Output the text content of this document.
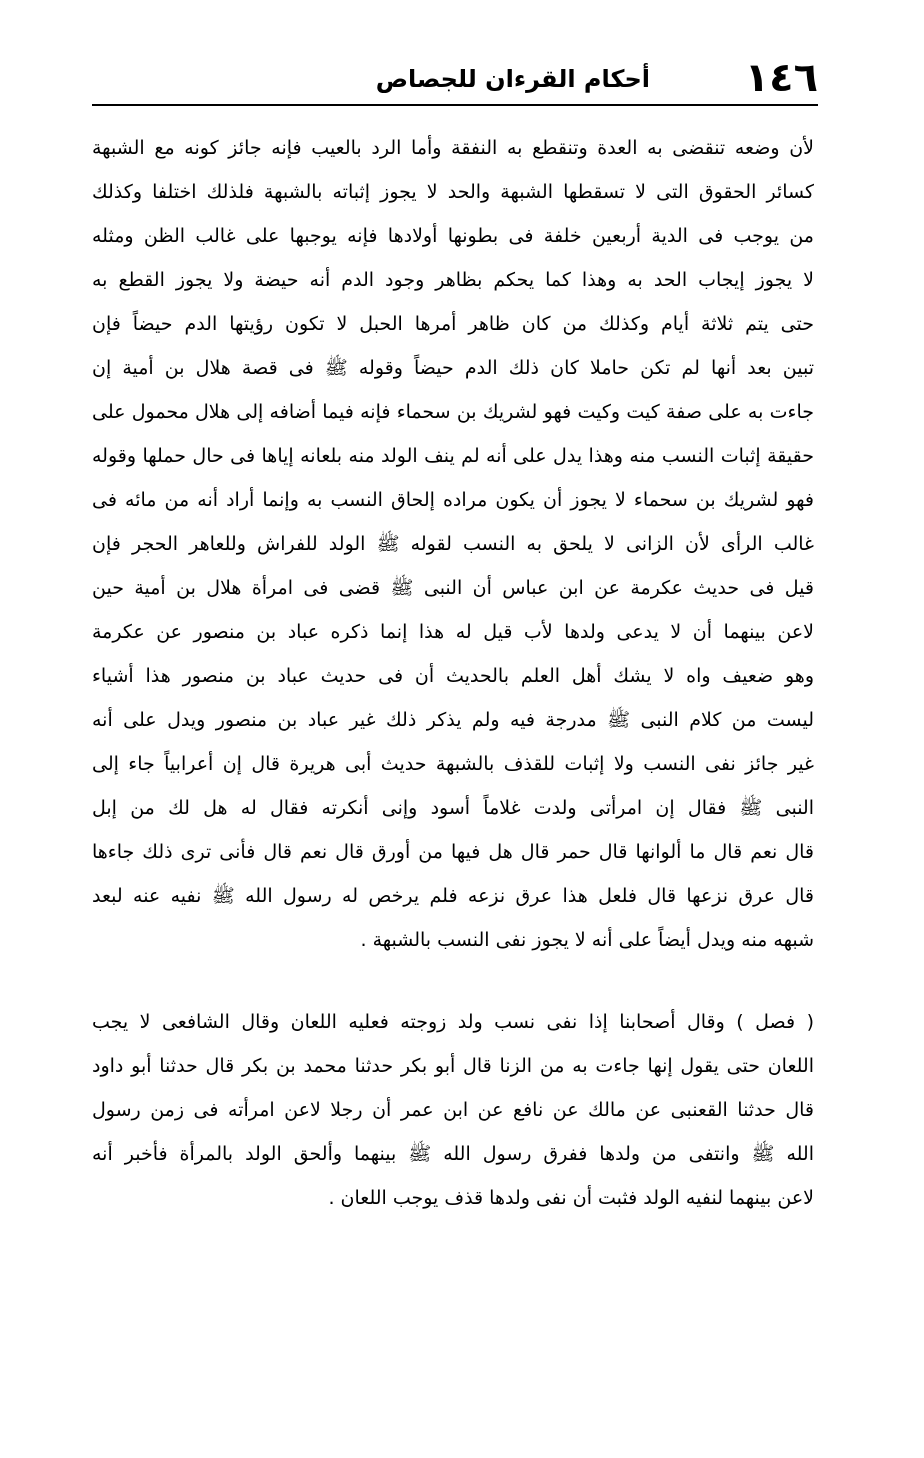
١٤٦
أحكام القرءان للجصاص
لأن وضعه تنقضى به العدة وتنقطع به النفقة وأما الرد بالعيب فإنه جائز كونه مع الشبهة
كسائر الحقوق التى لا تسقطها الشبهة والحد لا يجوز إثباته بالشبهة فلذلك اختلفا وكذلك
من يوجب فى الدية أربعين خلفة فى بطونها أولادها فإنه يوجبها على غالب الظن ومثله
لا يجوز إيجاب الحد به وهذا كما يحكم بظاهر وجود الدم أنه حيضة ولا يجوز القطع به
حتى يتم ثلاثة أيام وكذلك من كان ظاهر أمرها الحبل لا تكون رؤيتها الدم حيضاً فإن
تبين بعد أنها لم تكن حاملا كان ذلك الدم حيضاً وقوله ﷺ فى قصة هلال بن أمية إن
جاءت به على صفة كيت وكيت فهو لشريك بن سحماء فإنه فيما أضافه إلى هلال محمول على
حقيقة إثبات النسب منه وهذا يدل على أنه لم ينف الولد منه بلعانه إياها فى حال حملها وقوله
فهو لشريك بن سحماء لا يجوز أن يكون مراده إلحاق النسب به وإنما أراد أنه من مائه فى
غالب الرأى لأن الزانى لا يلحق به النسب لقوله ﷺ الولد للفراش وللعاهر الحجر فإن
قيل فى حديث عكرمة عن ابن عباس أن النبى ﷺ قضى فى امرأة هلال بن أمية حين
لاعن بينهما أن لا يدعى ولدها لأب قيل له هذا إنما ذكره عباد بن منصور عن عكرمة
وهو ضعيف واه لا يشك أهل العلم بالحديث أن فى حديث عباد بن منصور هذا أشياء
ليست من كلام النبى ﷺ مدرجة فيه ولم يذكر ذلك غير عباد بن منصور ويدل على أنه
غير جائز نفى النسب ولا إثبات للقذف بالشبهة حديث أبى هريرة قال إن أعرابياً جاء إلى
النبى ﷺ فقال إن امرأتى ولدت غلاماً أسود وإنى أنكرته فقال له هل لك من إبل
قال نعم قال ما ألوانها قال حمر قال هل فيها من أورق قال نعم قال فأنى ترى ذلك جاءها
قال عرق نزعها قال فلعل هذا عرق نزعه فلم يرخص له رسول الله ﷺ نفيه عنه لبعد
شبهه منه ويدل أيضاً على أنه لا يجوز نفى النسب بالشبهة .
( فصل ) وقال أصحابنا إذا نفى نسب ولد زوجته فعليه اللعان وقال الشافعى لا يجب
اللعان حتى يقول إنها جاءت به من الزنا قال أبو بكر حدثنا محمد بن بكر قال حدثنا أبو داود
قال حدثنا القعنبى عن مالك عن نافع عن ابن عمر أن رجلا لاعن امرأته فى زمن رسول
الله ﷺ وانتفى من ولدها ففرق رسول الله ﷺ بينهما وألحق الولد بالمرأة فأخبر أنه
لاعن بينهما لنفيه الولد فثبت أن نفى ولدها قذف يوجب اللعان .
